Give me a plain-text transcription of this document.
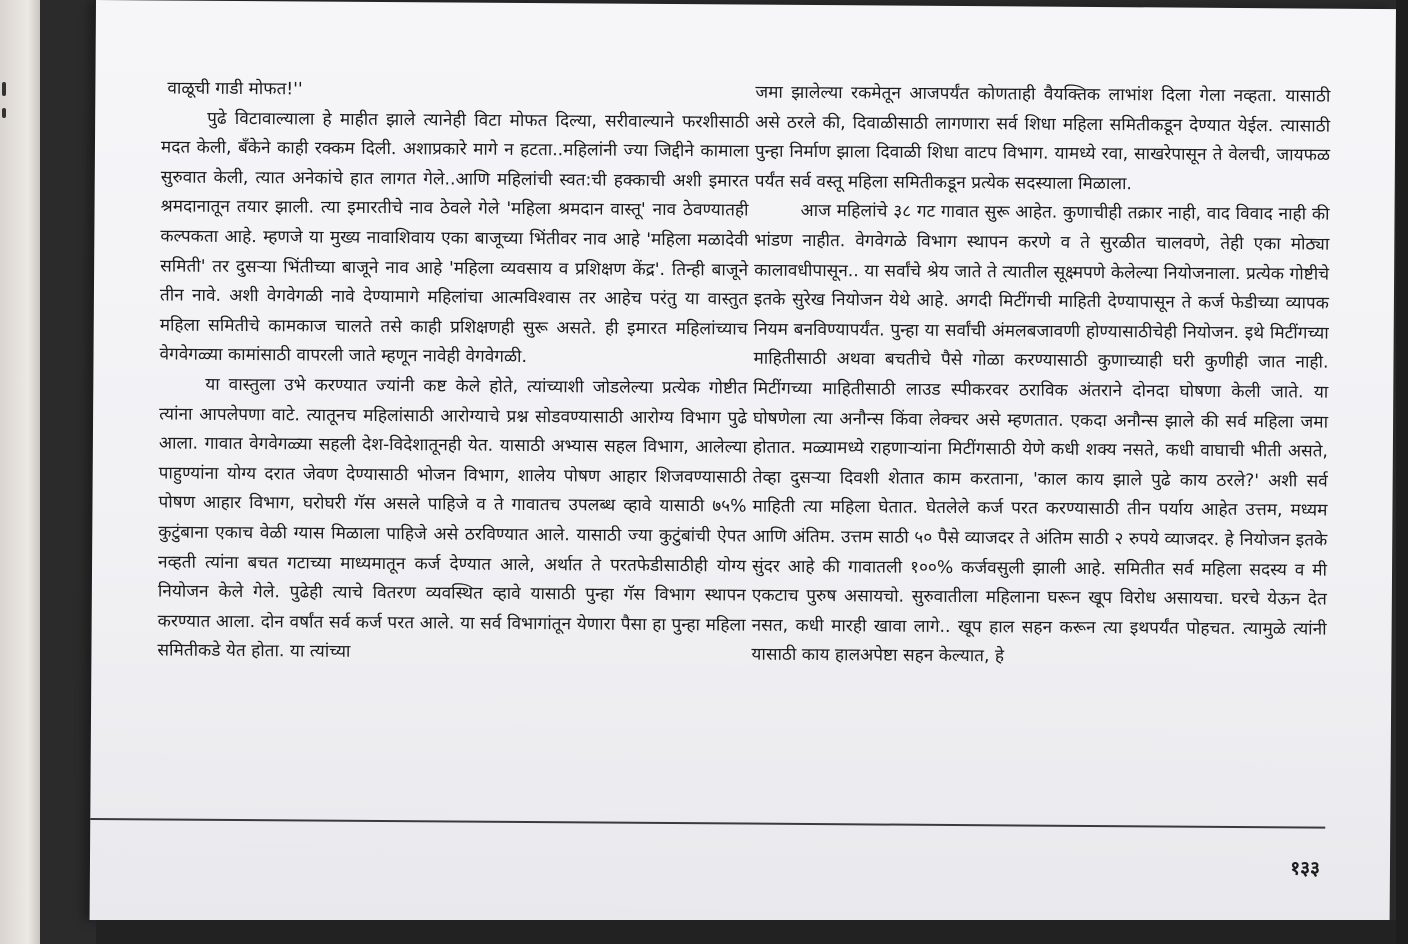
वाळूची गाडी मोफत!''

पुढे विटावाल्याला हे माहीत झाले त्यानेही विटा मोफत दिल्या, सरीवाल्याने फरशीसाठी मदत केली, बँकेने काही रक्कम दिली. अशाप्रकारे मागे न हटता..महिलांनी ज्या जिद्दीने कामाला सुरुवात केली, त्यात अनेकांचे हात लागत गेले..आणि महिलांची स्वत:ची हक्काची अशी इमारत श्रमदानातून तयार झाली. त्या इमारतीचे नाव ठेवले गेले 'महिला श्रमदान वास्तू' नाव ठेवण्यातही कल्पकता आहे. म्हणजे या मुख्य नावाशिवाय एका बाजूच्या भिंतीवर नाव आहे 'महिला मळादेवी समिती' तर दुसऱ्या भिंतीच्या बाजूने नाव आहे 'महिला व्यवसाय व प्रशिक्षण केंद्र'. तिन्ही बाजूने तीन नावे. अशी वेगवेगळी नावे देण्यामागे महिलांचा आत्मविश्वास तर आहेच परंतु या वास्तुत महिला समितीचे कामकाज चालते तसे काही प्रशिक्षणही सुरू असते. ही इमारत महिलांच्याच वेगवेगळ्या कामांसाठी वापरली जाते म्हणून नावेही वेगवेगळी.

या वास्तुला उभे करण्यात ज्यांनी कष्ट केले होते, त्यांच्याशी जोडलेल्या प्रत्येक गोष्टीत त्यांना आपलेपणा वाटे. त्यातूनच महिलांसाठी आरोग्याचे प्रश्न सोडवण्यासाठी आरोग्य विभाग पुढे आला. गावात वेगवेगळ्या सहली देश-विदेशातूनही येत. यासाठी अभ्यास सहल विभाग, आलेल्या पाहुण्यांना योग्य दरात जेवण देण्यासाठी भोजन विभाग, शालेय पोषण आहार शिजवण्यासाठी पोषण आहार विभाग, घरोघरी गॅस असले पाहिजे व ते गावातच उपलब्ध व्हावे यासाठी ७५% कुटुंबाना एकाच वेळी ग्यास मिळाला पाहिजे असे ठरविण्यात आले. यासाठी ज्या कुटुंबांची ऐपत नव्हती त्यांना बचत गटाच्या माध्यमातून कर्ज देण्यात आले, अर्थात ते परतफेडीसाठीही योग्य नियोजन केले गेले. पुढेही त्याचे वितरण व्यवस्थित व्हावे यासाठी पुन्हा गॅस विभाग स्थापन करण्यात आला. दोन वर्षांत सर्व कर्ज परत आले. या सर्व विभागांतून येणारा पैसा हा पुन्हा महिला समितीकडे येत होता. या त्यांच्या

जमा झालेल्या रकमेतून आजपर्यंत कोणताही वैयक्तिक लाभांश दिला गेला नव्हता. यासाठी असे ठरले की, दिवाळीसाठी लागणारा सर्व शिधा महिला समितीकडून देण्यात येईल. त्यासाठी पुन्हा निर्माण झाला दिवाळी शिधा वाटप विभाग. यामध्ये रवा, साखरेपासून ते वेलची, जायफळ पर्यंत सर्व वस्तू महिला समितीकडून प्रत्येक सदस्याला मिळाला.

आज महिलांचे ३८ गट गावात सुरू आहेत. कुणाचीही तक्रार नाही, वाद विवाद नाही की भांडण नाहीत. वेगवेगळे विभाग स्थापन करणे व ते सुरळीत चालवणे, तेही एका मोठ्या कालावधीपासून.. या सर्वांचे श्रेय जाते ते त्यातील सूक्ष्मपणे केलेल्या नियोजनाला. प्रत्येक गोष्टीचे इतके सुरेख नियोजन येथे आहे. अगदी मिटींगची माहिती देण्यापासून ते कर्ज फेडीच्या व्यापक नियम बनविण्यापर्यंत. पुन्हा या सर्वांची अंमलबजावणी होण्यासाठीचेही नियोजन. इथे मिटींगच्या माहितीसाठी अथवा बचतीचे पैसे गोळा करण्यासाठी कुणाच्याही घरी कुणीही जात नाही. मिटींगच्या माहितीसाठी लाउड स्पीकरवर ठराविक अंतराने दोनदा घोषणा केली जाते. या घोषणेला त्या अनौन्स किंवा लेक्चर असे म्हणतात. एकदा अनौन्स झाले की सर्व महिला जमा होतात. मळ्यामध्ये राहणाऱ्यांना मिटींगसाठी येणे कधी शक्य नसते, कधी वाघाची भीती असते, तेव्हा दुसऱ्या दिवशी शेतात काम करताना, 'काल काय झाले पुढे काय ठरले?' अशी सर्व माहिती त्या महिला घेतात. घेतलेले कर्ज परत करण्यासाठी तीन पर्याय आहेत उत्तम, मध्यम आणि अंतिम. उत्तम साठी ५० पैसे व्याजदर ते अंतिम साठी २ रुपये व्याजदर. हे नियोजन इतके सुंदर आहे की गावातली १००% कर्जवसुली झाली आहे. समितीत सर्व महिला सदस्य व मी एकटाच पुरुष असायचो. सुरुवातीला महिलाना घरून खूप विरोध असायचा. घरचे येऊन देत नसत, कधी मारही खावा लागे.. खूप हाल सहन करून त्या इथपर्यंत पोहचत. त्यामुळे त्यांनी यासाठी काय हालअपेष्टा सहन केल्यात, हे

१३३
